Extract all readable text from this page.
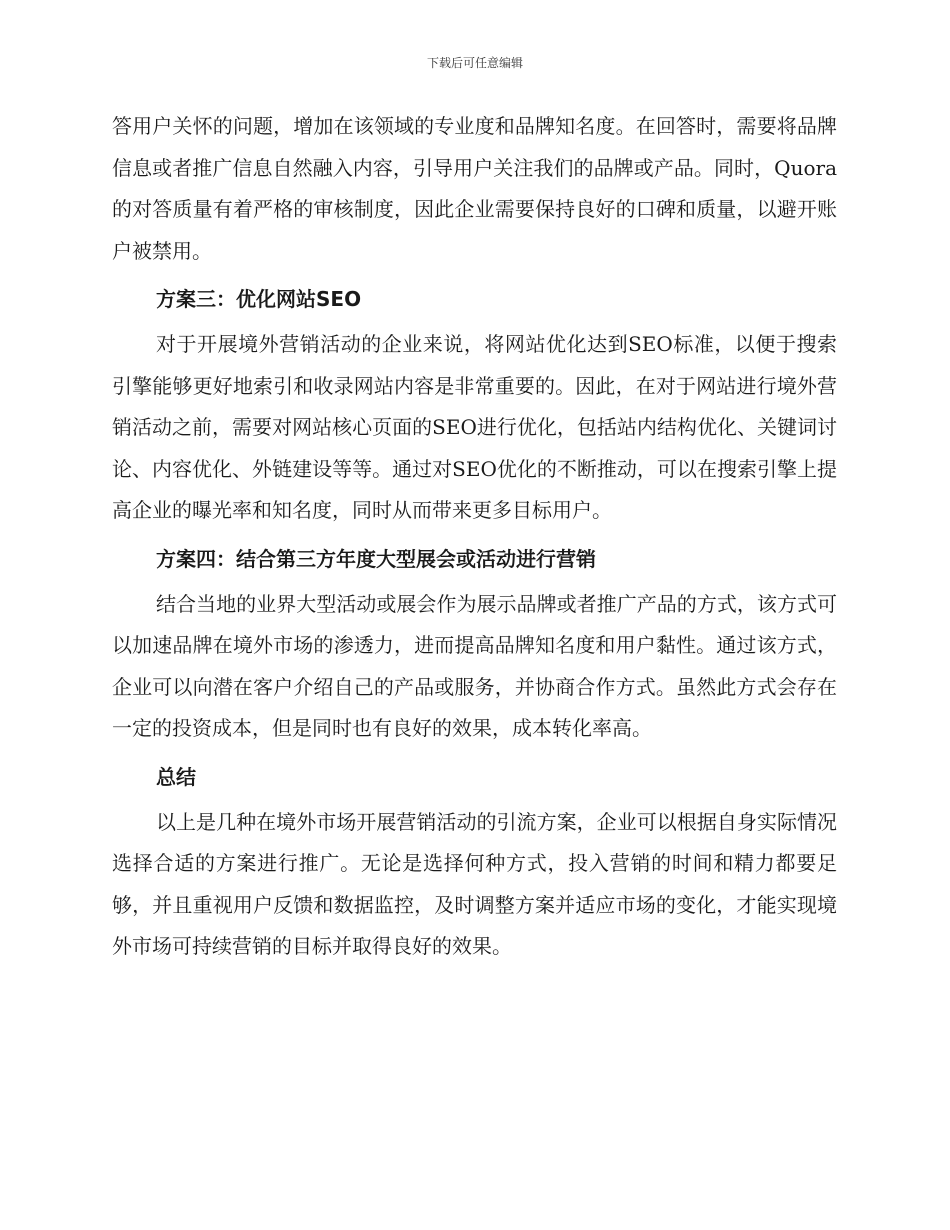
下载后可任意编辑

答用户关怀的问题，增加在该领域的专业度和品牌知名度。在回答时，需要将品牌信息或者推广信息自然融入内容，引导用户关注我们的品牌或产品。同时，Quora的对答质量有着严格的审核制度，因此企业需要保持良好的口碑和质量，以避开账户被禁用。

方案三：优化网站SEO

对于开展境外营销活动的企业来说，将网站优化达到SEO标准，以便于搜索引擎能够更好地索引和收录网站内容是非常重要的。因此，在对于网站进行境外营销活动之前，需要对网站核心页面的SEO进行优化，包括站内结构优化、关键词讨论、内容优化、外链建设等等。通过对SEO优化的不断推动，可以在搜索引擎上提高企业的曝光率和知名度，同时从而带来更多目标用户。

方案四：结合第三方年度大型展会或活动进行营销

结合当地的业界大型活动或展会作为展示品牌或者推广产品的方式，该方式可以加速品牌在境外市场的渗透力，进而提高品牌知名度和用户黏性。通过该方式，企业可以向潜在客户介绍自己的产品或服务，并协商合作方式。虽然此方式会存在一定的投资成本，但是同时也有良好的效果，成本转化率高。

总结

以上是几种在境外市场开展营销活动的引流方案，企业可以根据自身实际情况选择合适的方案进行推广。无论是选择何种方式，投入营销的时间和精力都要足够，并且重视用户反馈和数据监控，及时调整方案并适应市场的变化，才能实现境外市场可持续营销的目标并取得良好的效果。
